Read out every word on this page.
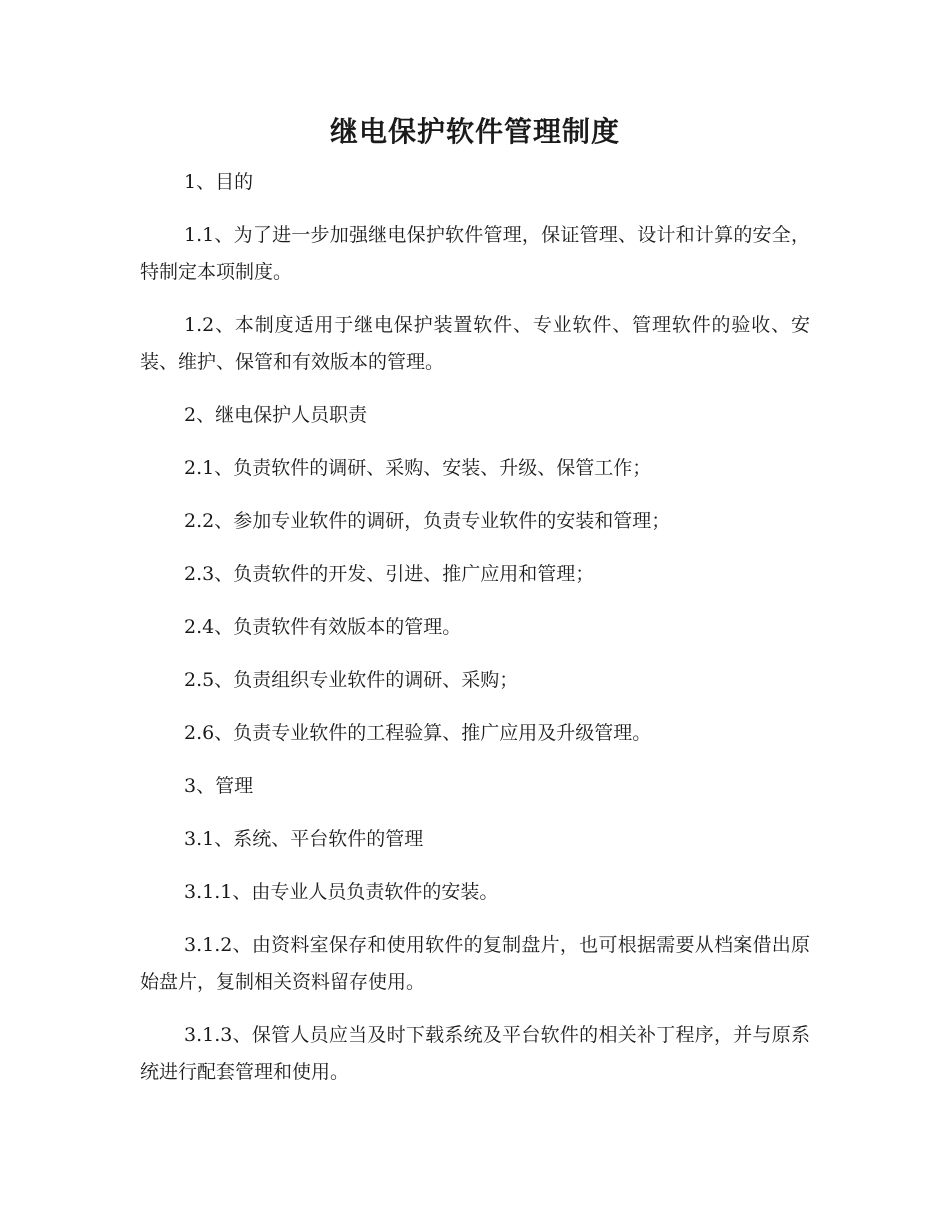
继电保护软件管理制度

1、目的

1.1、为了进一步加强继电保护软件管理，保证管理、设计和计算的安全，特制定本项制度。

1.2、本制度适用于继电保护装置软件、专业软件、管理软件的验收、安装、维护、保管和有效版本的管理。

2、继电保护人员职责

2.1、负责软件的调研、采购、安装、升级、保管工作；

2.2、参加专业软件的调研，负责专业软件的安装和管理；

2.3、负责软件的开发、引进、推广应用和管理；

2.4、负责软件有效版本的管理。

2.5、负责组织专业软件的调研、采购；

2.6、负责专业软件的工程验算、推广应用及升级管理。

3、管理

3.1、系统、平台软件的管理

3.1.1、由专业人员负责软件的安装。

3.1.2、由资料室保存和使用软件的复制盘片，也可根据需要从档案借出原始盘片，复制相关资料留存使用。

3.1.3、保管人员应当及时下载系统及平台软件的相关补丁程序，并与原系统进行配套管理和使用。
